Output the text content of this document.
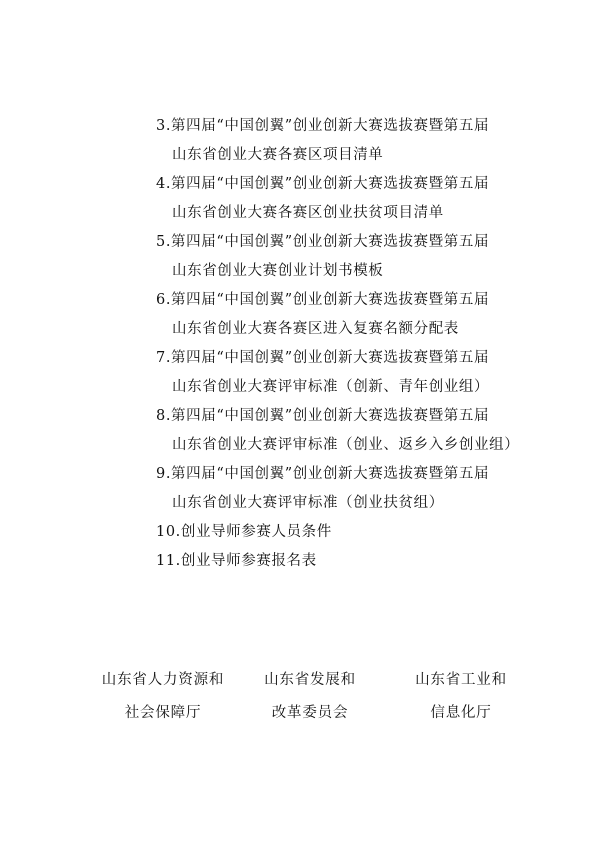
3.第四届“中国创翼”创业创新大赛选拔赛暨第五届
山东省创业大赛各赛区项目清单
4.第四届“中国创翼”创业创新大赛选拔赛暨第五届
山东省创业大赛各赛区创业扶贫项目清单
5.第四届“中国创翼”创业创新大赛选拔赛暨第五届
山东省创业大赛创业计划书模板
6.第四届“中国创翼”创业创新大赛选拔赛暨第五届
山东省创业大赛各赛区进入复赛名额分配表
7.第四届“中国创翼”创业创新大赛选拔赛暨第五届
山东省创业大赛评审标准（创新、青年创业组）
8.第四届“中国创翼”创业创新大赛选拔赛暨第五届
山东省创业大赛评审标准（创业、返乡入乡创业组）
9.第四届“中国创翼”创业创新大赛选拔赛暨第五届
山东省创业大赛评审标准（创业扶贫组）
10.创业导师参赛人员条件
11.创业导师参赛报名表
山东省人力资源和
社会保障厅
山东省发展和
改革委员会
山东省工业和
信息化厅
